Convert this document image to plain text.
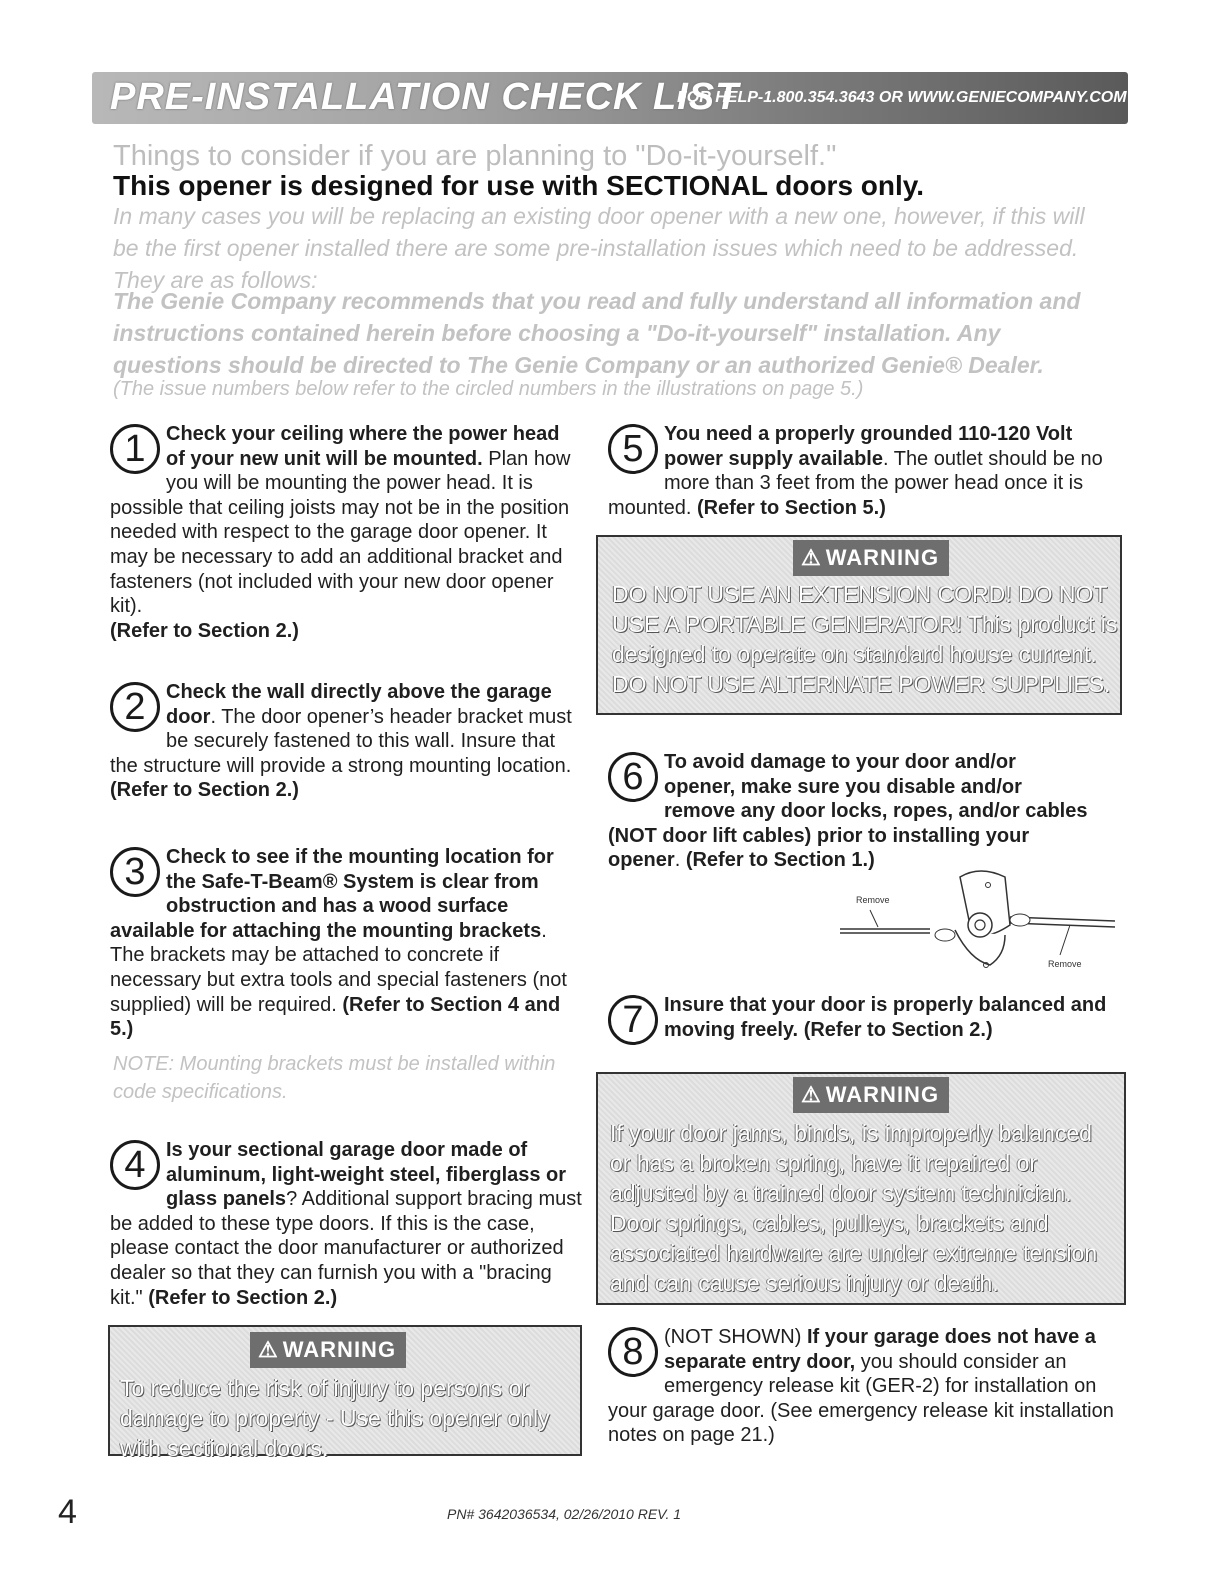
PRE-INSTALLATION CHECK LIST
FOR HELP-1.800.354.3643 OR WWW.GENIECOMPANY.COM
Things to consider if you are planning to "Do-it-yourself."
This opener is designed for use with SECTIONAL doors only.
In many cases you will be replacing an existing door opener with a new one, however, if this will be the first opener installed there are some pre-installation issues which need to be addressed. They are as follows:
The Genie Company recommends that you read and fully understand all information and instructions contained herein before choosing a "Do-it-yourself" installation. Any questions should be directed to The Genie Company or an authorized Genie® Dealer.
(The issue numbers below refer to the circled numbers in the illustrations on page 5.)
1	Check your ceiling where the power head of your new unit will be mounted. Plan how you will be mounting the power head. It is possible that ceiling joists may not be in the position needed with respect to the garage door opener. It may be necessary to add an additional bracket and fasteners (not included with your new door opener kit).
(Refer to Section 2.)
2	Check the wall directly above the garage door. The door opener’s header bracket must be securely fastened to this wall. Insure that the structure will provide a strong mounting location. (Refer to Section 2.)
3	Check to see if the mounting location for the Safe-T-Beam® System is clear from obstruction and has a wood surface available for attaching the mounting brackets. The brackets may be attached to concrete if necessary but extra tools and special fasteners (not supplied) will be required. (Refer to Section 4 and 5.)
NOTE: Mounting brackets must be installed within code specifications.
4	Is your sectional garage door made of aluminum, light-weight steel, fiberglass or glass panels? Additional support bracing must be added to these type doors. If this is the case, please contact the door manufacturer or authorized dealer so that they can furnish you with a "bracing kit." (Refer to Section 2.)
⚠ WARNING
To reduce the risk of injury to persons or damage to property - Use this opener only with sectional doors.
5	You need a properly grounded 110-120 Volt power supply available. The outlet should be no more than 3 feet from the power head once it is mounted. (Refer to Section 5.)
⚠ WARNING
DO NOT USE AN EXTENSION CORD! DO NOT USE A PORTABLE GENERATOR! This product is designed to operate on standard house current. DO NOT USE ALTERNATE POWER SUPPLIES.
6	To avoid damage to your door and/or opener, make sure you disable and/or remove any door locks, ropes, and/or cables (NOT door lift cables) prior to installing your opener. (Refer to Section 1.)
Remove
Remove
7	Insure that your door is properly balanced and moving freely. (Refer to Section 2.)
⚠ WARNING
If your door jams, binds, is improperly balanced or has a broken spring, have it repaired or adjusted by a trained door system technician. Door springs, cables, pulleys, brackets and associated hardware are under extreme tension and can cause serious injury or death.
8	(NOT SHOWN) If your garage does not have a separate entry door, you should consider an emergency release kit (GER-2) for installation on your garage door. (See emergency release kit installation notes on page 21.)
4	PN# 3642036534, 02/26/2010 REV. 1
